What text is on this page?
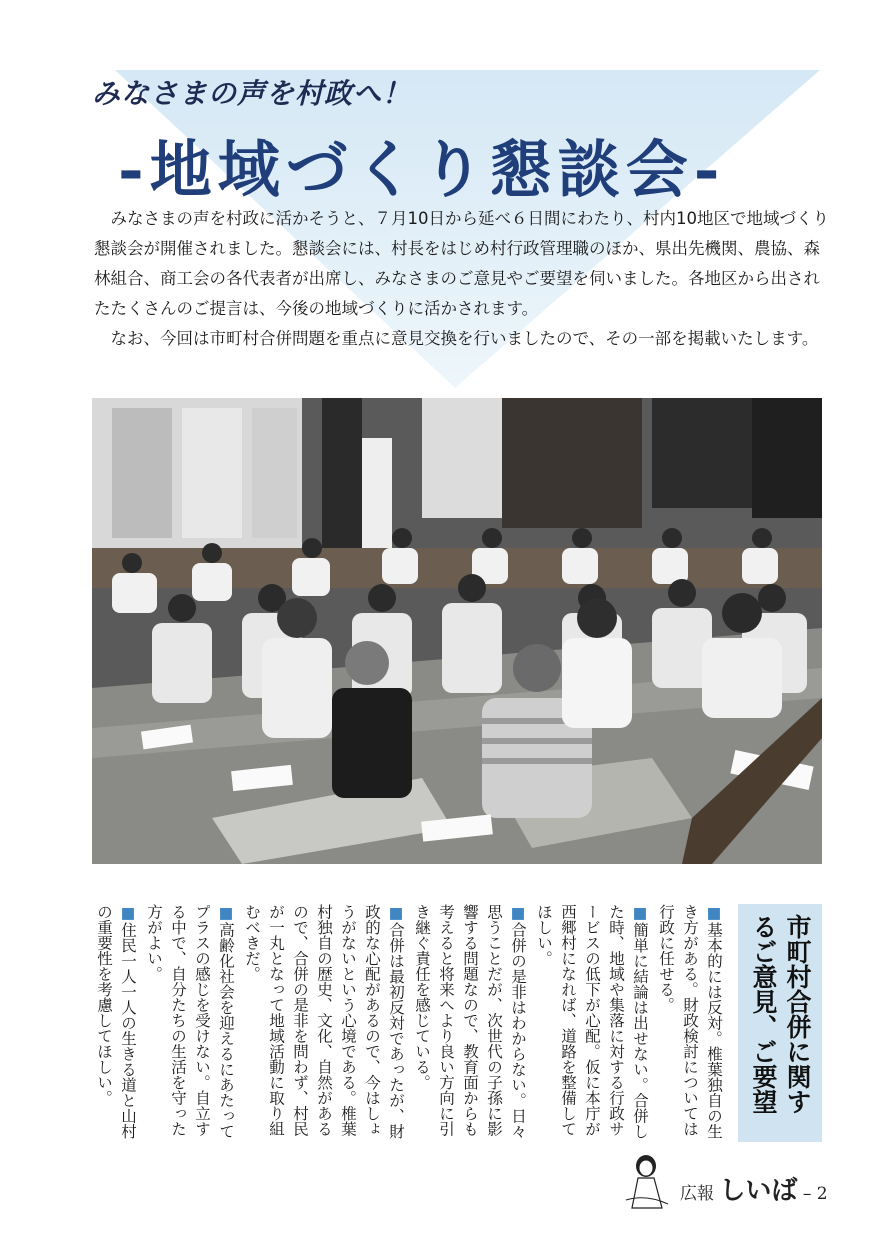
みなさまの声を村政へ！
-地域づくり懇談会-

みなさまの声を村政に活かそうと、７月10日から延べ６日間にわたり、村内10地区で地域づくり懇談会が開催されました。懇談会には、村長をはじめ村行政管理職のほか、県出先機関、農協、森林組合、商工会の各代表者が出席し、みなさまのご意見やご要望を伺いました。各地区から出されたたくさんのご提言は、今後の地域づくりに活かされます。

なお、今回は市町村合併問題を重点に意見交換を行いましたので、その一部を掲載いたします。

市町村合併に関す
るご意見、ご要望
■基本的には反対。椎葉独自の生き方がある。財政検討については行政に任せる。
■簡単に結論は出せない。合併した時、地域や集落に対する行政サービスの低下が心配。仮に本庁が西郷村になれば、道路を整備してほしい。
■合併の是非はわからない。日々思うことだが、次世代の子孫に影響する問題なので、教育面からも考えると将来へより良い方向に引き継ぐ責任を感じている。
■合併は最初反対であったが、財政的な心配があるので、今はしょうがないという心境である。椎葉村独自の歴史、文化、自然があるので、合併の是非を問わず、村民が一丸となって地域活動に取り組むべきだ。
■高齢化社会を迎えるにあたってプラスの感じを受けない。自立する中で、自分たちの生活を守った方がよい。
■住民一人一人の生きる道と山村の重要性を考慮してほしい。
広報 しいば – 2
